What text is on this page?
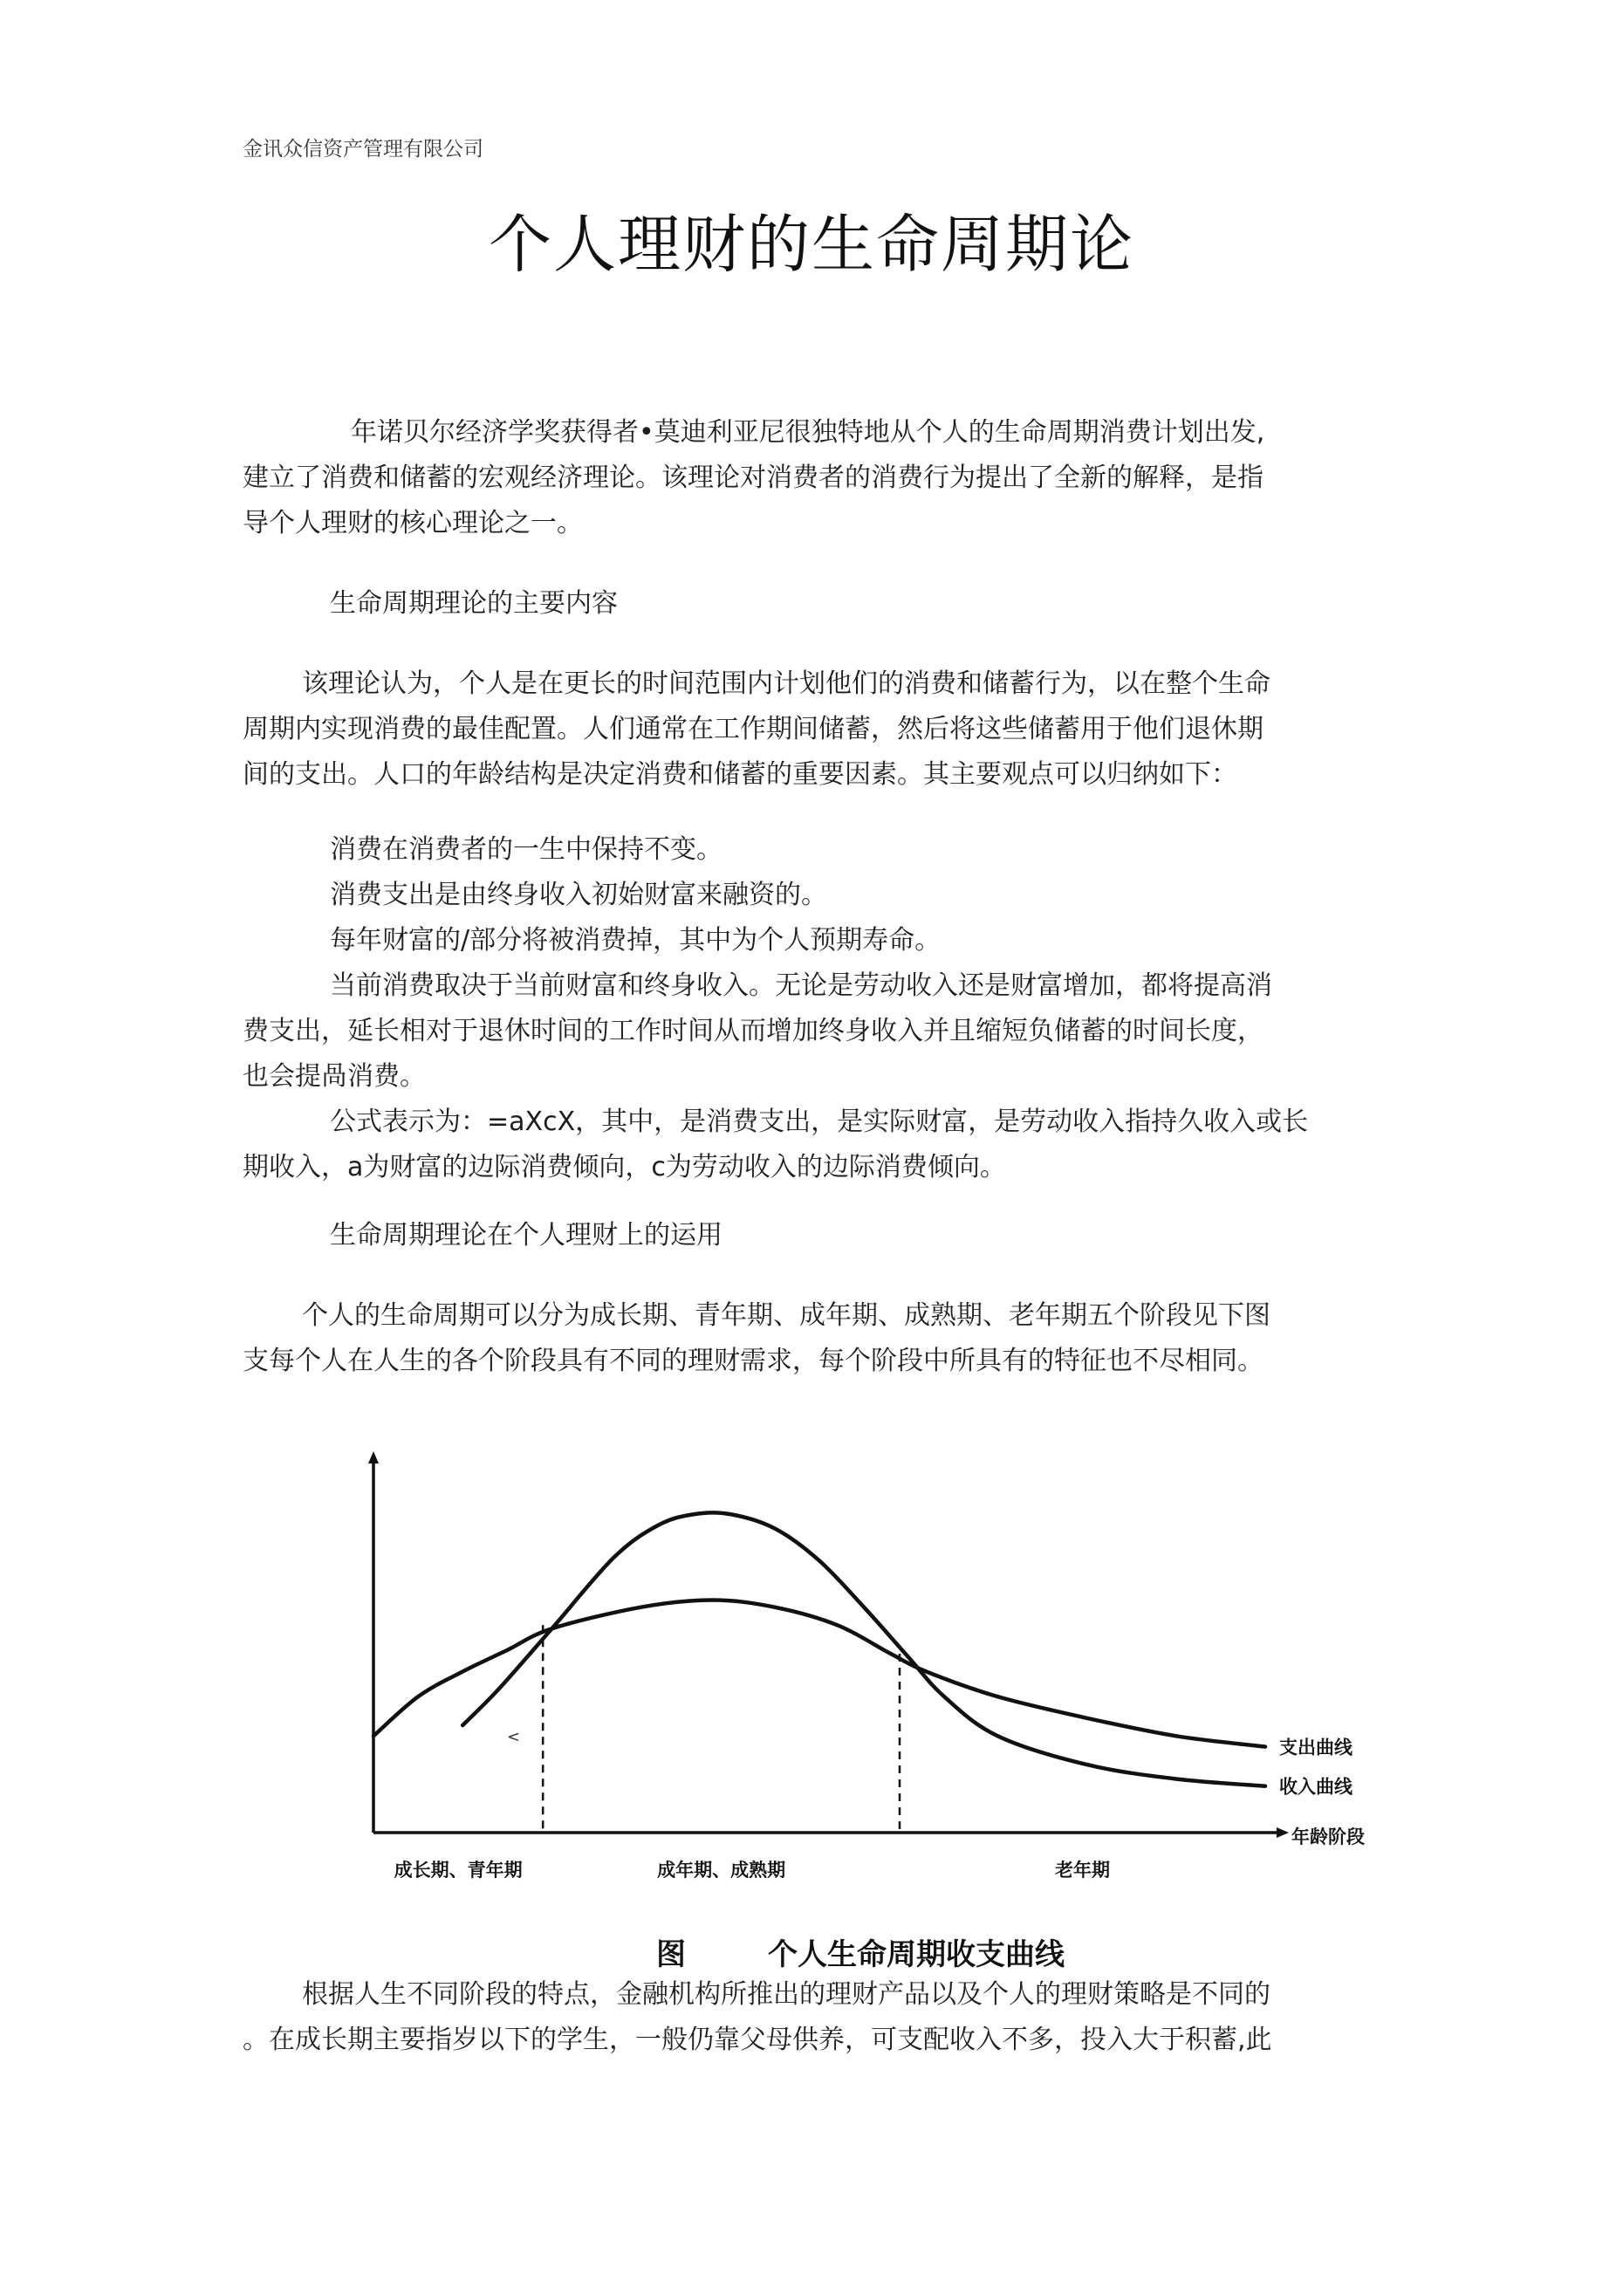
金讯众信资产管理有限公司
个人理财的生命周期论

年诺贝尔经济学奖获得者•莫迪利亚尼很独特地从个人的生命周期消费计划出发,

建立了消费和储蓄的宏观经济理论。该理论对消费者的消费行为提出了全新的解释，是指

导个人理财的核心理论之一。

生命周期理论的主要内容

该理论认为，个人是在更长的时间范围内计划他们的消费和储蓄行为，以在整个生命

周期内实现消费的最佳配置。人们通常在工作期间储蓄，然后将这些储蓄用于他们退休期

间的支出。人口的年龄结构是决定消费和储蓄的重要因素。其主要观点可以归纳如下：

消费在消费者的一生中保持不变。

消费支出是由终身收入初始财富来融资的。

每年财富的/部分将被消费掉，其中为个人预期寿命。

当前消费取决于当前财富和终身收入。无论是劳动收入还是财富增加，都将提高消

费支出，延长相对于退休时间的工作时间从而增加终身收入并且缩短负储蓄的时间长度，

也会提咼消费。

公式表示为：=aXcX，其中，是消费支出，是实际财富，是劳动收入指持久收入或长

期收入，a为财富的边际消费倾向，c为劳动收入的边际消费倾向。

生命周期理论在个人理财上的运用

个人的生命周期可以分为成长期、青年期、成年期、成熟期、老年期五个阶段见下图

支每个人在人生的各个阶段具有不同的理财需求，每个阶段中所具有的特征也不尽相同。

支出曲线
收入曲线
成长期、青年期	成年期、成熟期	老年期
年龄阶段
<
图	个人生命周期收支曲线

根据人生不同阶段的特点，金融机构所推出的理财产品以及个人的理财策略是不同的

。在成长期主要指岁以下的学生，一般仍靠父母供养，可支配收入不多，投入大于积蓄,此
